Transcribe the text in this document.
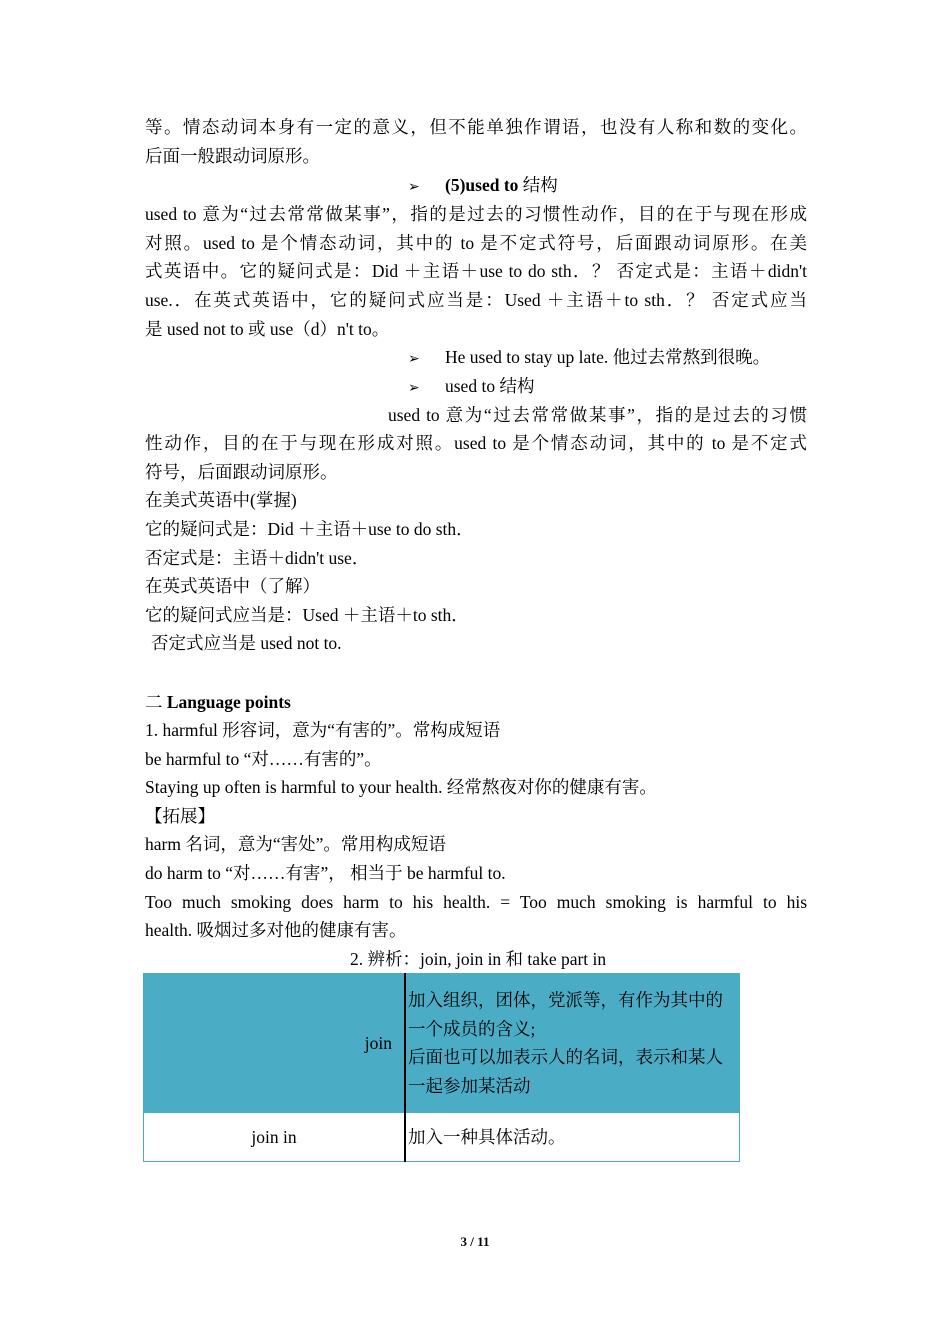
等。情态动词本身有一定的意义，但不能单独作谓语，也没有人称和数的变化。
后面一般跟动词原形。
➢ (5)used to 结构
used to 意为“过去常常做某事”，指的是过去的习惯性动作，目的在于与现在形成
对照。used to 是个情态动词，其中的 to 是不定式符号，后面跟动词原形。在美
式英语中。它的疑问式是：Did ＋主语＋use to do sth．？ 否定式是：主语＋didn't
use.．在英式英语中，它的疑问式应当是：Used ＋主语＋to sth．？ 否定式应当
是 used not to 或 use（d）n't to。
➢ He used to stay up late. 他过去常熬到很晚。
➢ used to 结构
used to 意为“过去常常做某事”，指的是过去的习惯
性动作，目的在于与现在形成对照。used to 是个情态动词，其中的 to 是不定式
符号，后面跟动词原形。
在美式英语中(掌握)
它的疑问式是：Did ＋主语＋use to do sth．
否定式是：主语＋didn't use．
在英式英语中（了解）
它的疑问式应当是：Used ＋主语＋to sth．
否定式应当是 used not to.
二 Language points
1. harmful 形容词，意为“有害的”。常构成短语
be harmful to “对……有害的”。
Staying up often is harmful to your health. 经常熬夜对你的健康有害。
【拓展】
harm 名词，意为“害处”。常用构成短语
do harm to “对……有害”， 相当于 be harmful to.
Too much smoking does harm to his health. = Too much smoking is harmful to his
health. 吸烟过多对他的健康有害。
2. 辨析：join, join in 和 take part in
join	加入组织，团体，党派等，有作为其中的
一个成员的含义;
后面也可以加表示人的名词，表示和某人
一起参加某活动

join in	加入一种具体活动。
3 / 11
